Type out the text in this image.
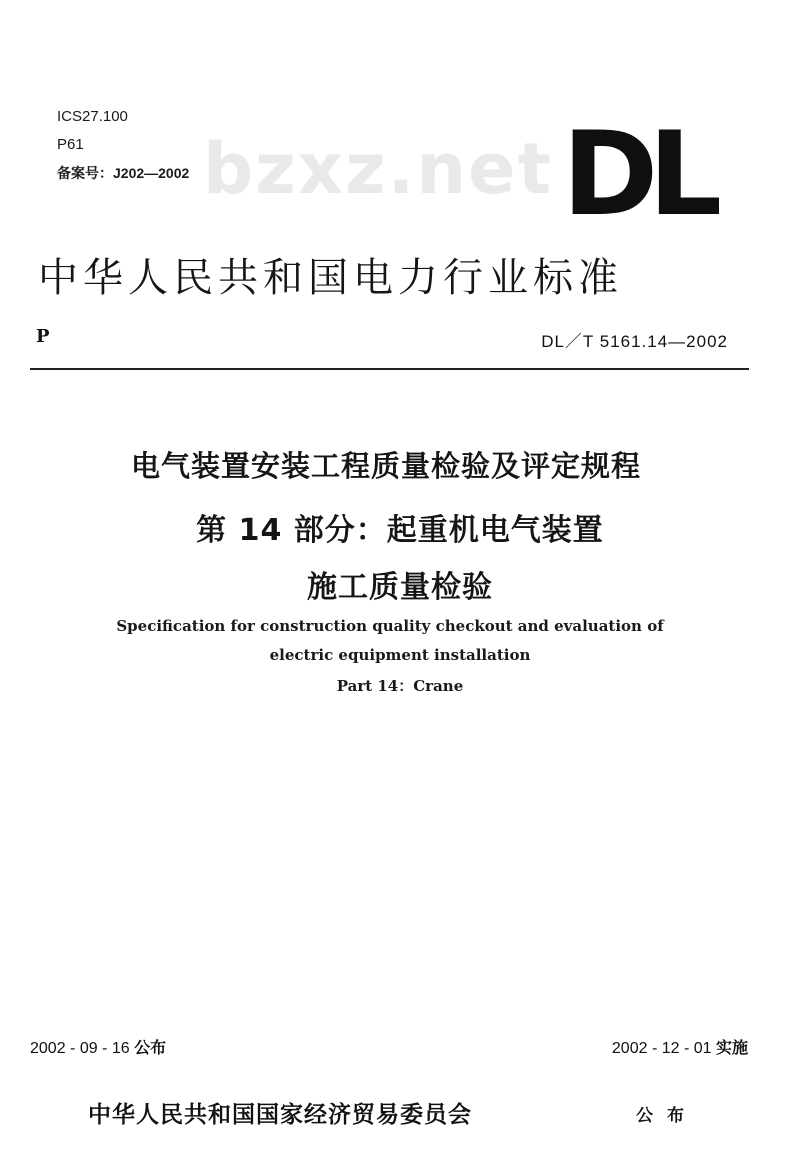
ICS27.100
P61
备案号：J202—2002 bzxz.net DL
中华人民共和国电力行业标准
P	DL／T 5161.14—2002
电气装置安装工程质量检验及评定规程
第 14 部分：起重机电气装置
施工质量检验
Specification for construction quality checkout and evaluation of
electric equipment installation
Part 14：Crane
2002 - 09 - 16 公布	2002 - 12 - 01 实施
中华人民共和国国家经济贸易委员会	公布
